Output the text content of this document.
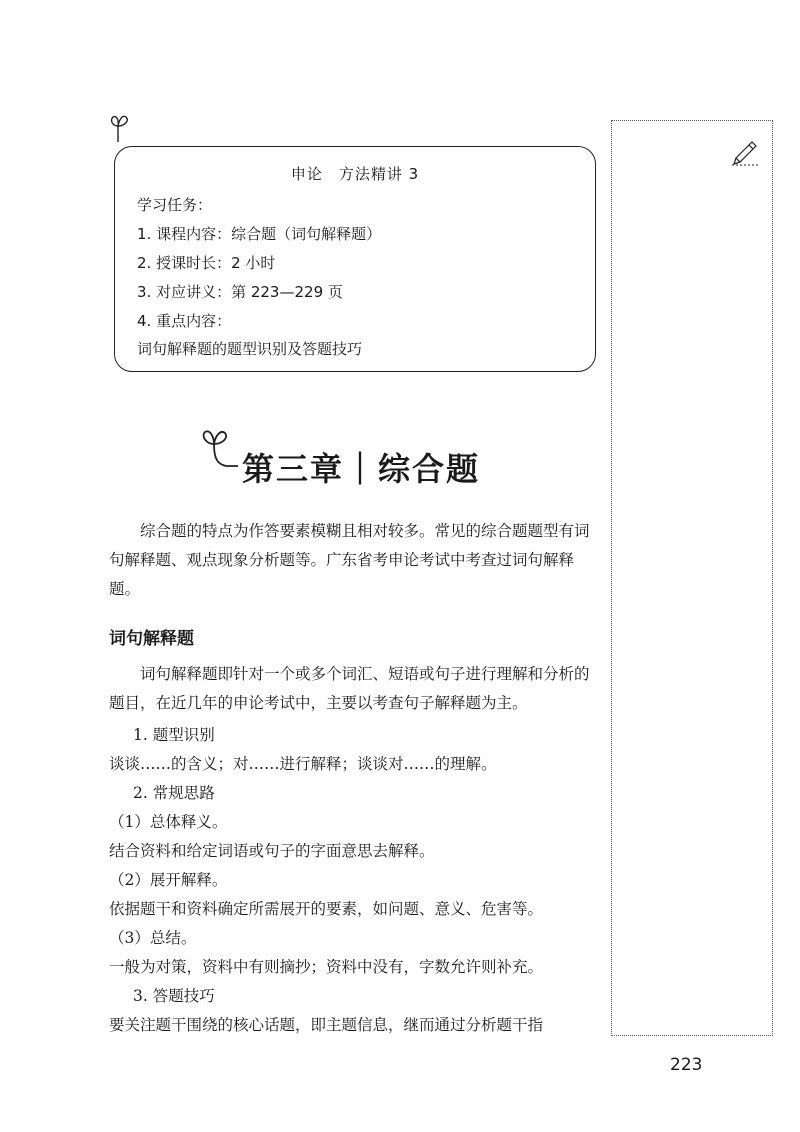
申论　方法精讲 3
学习任务：
1. 课程内容：综合题（词句解释题）
2. 授课时长：2 小时
3. 对应讲义：第 223—229 页
4. 重点内容：
词句解释题的题型识别及答题技巧
第三章｜综合题
综合题的特点为作答要素模糊且相对较多。常见的综合题题型有词句解释题、观点现象分析题等。广东省考申论考试中考查过词句解释题。
词句解释题
词句解释题即针对一个或多个词汇、短语或句子进行理解和分析的题目，在近几年的申论考试中，主要以考查句子解释题为主。
1. 题型识别
谈谈……的含义；对……进行解释；谈谈对……的理解。
2. 常规思路
（1）总体释义。
结合资料和给定词语或句子的字面意思去解释。
（2）展开解释。
依据题干和资料确定所需展开的要素，如问题、意义、危害等。
（3）总结。
一般为对策，资料中有则摘抄；资料中没有，字数允许则补充。
3. 答题技巧
要关注题干围绕的核心话题，即主题信息，继而通过分析题干指
223
